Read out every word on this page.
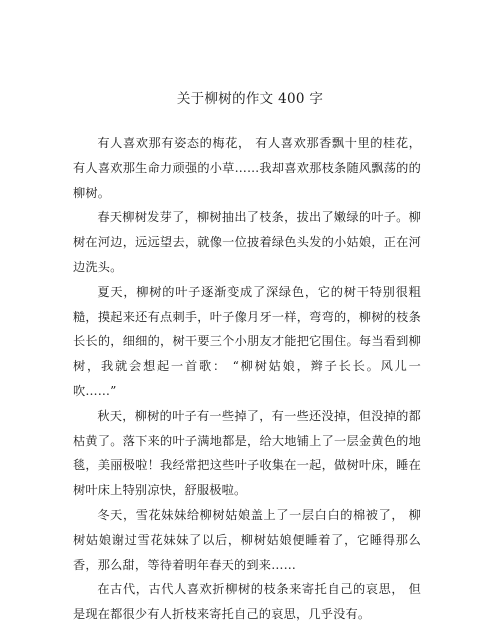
关于柳树的作文 400 字

有人喜欢那有姿态的梅花， 有人喜欢那香飘十里的桂花， 有人喜欢那生命力顽强的小草……我却喜欢那枝条随风飘荡的的柳树。

春天柳树发芽了，柳树抽出了枝条，拔出了嫩绿的叶子。柳树在河边，远远望去，就像一位披着绿色头发的小姑娘，正在河边洗头。

夏天，柳树的叶子逐渐变成了深绿色，它的树干特别很粗糙，摸起来还有点刺手，叶子像月牙一样，弯弯的，柳树的枝条长长的，细细的，树干要三个小朋友才能把它围住。每当看到柳树，我就会想起一首歌： “柳树姑娘，辫子长长。风儿一吹……”

秋天，柳树的叶子有一些掉了，有一些还没掉，但没掉的都枯黄了。落下来的叶子满地都是，给大地铺上了一层金黄色的地毯，美丽极啦！我经常把这些叶子收集在一起，做树叶床，睡在树叶床上特别凉快，舒服极啦。

冬天，雪花妹妹给柳树姑娘盖上了一层白白的棉被了， 柳树姑娘谢过雪花妹妹了以后，柳树姑娘便睡着了，它睡得那么香，那么甜，等待着明年春天的到来……

在古代，古代人喜欢折柳树的枝条来寄托自己的哀思， 但是现在都很少有人折枝来寄托自己的哀思，几乎没有。
